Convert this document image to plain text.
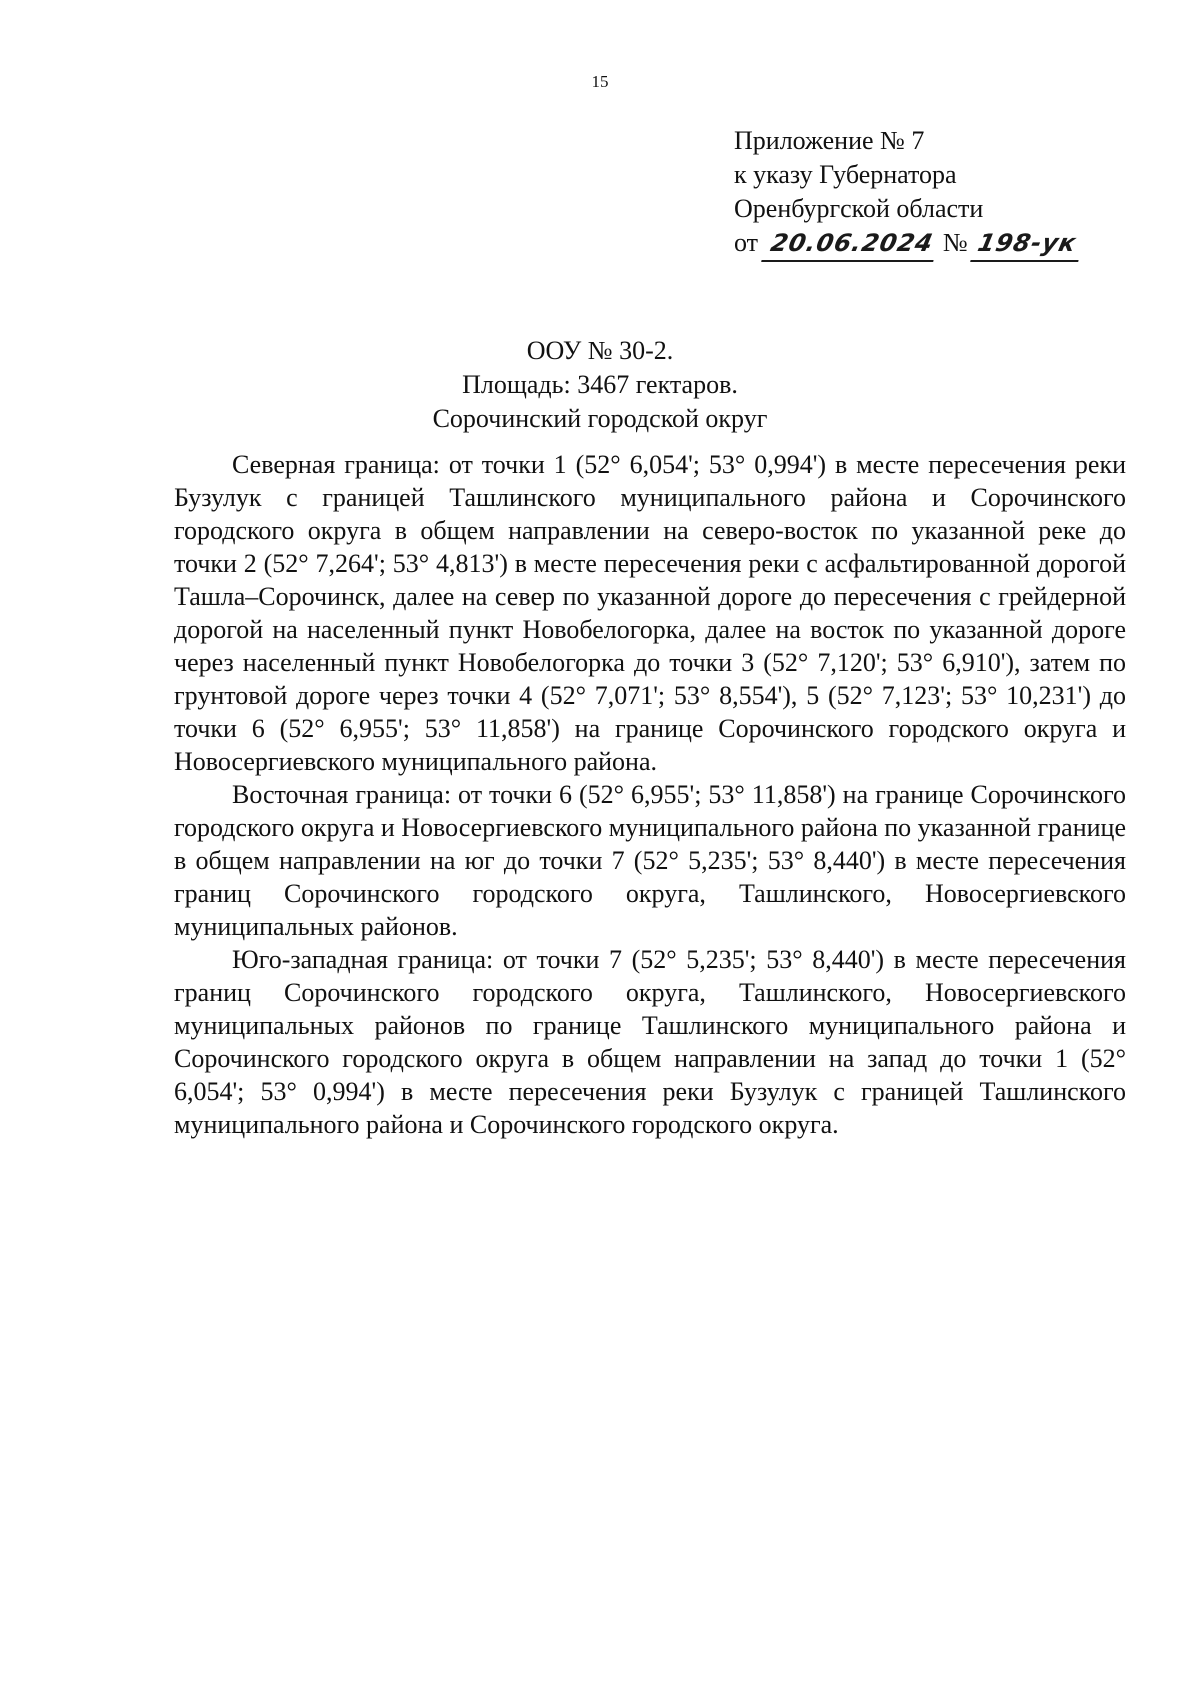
15
Приложение № 7
к указу Губернатора
Оренбургской области
от 20.06.2024 № 198-ук
ООУ № 30-2.
Площадь: 3467 гектаров.
Сорочинский городской округ

Северная граница: от точки 1 (52° 6,054'; 53° 0,994') в месте пересечения реки Бузулук с границей Ташлинского муниципального района и Сорочинского городского округа в общем направлении на северо-восток по указанной реке до точки 2 (52° 7,264'; 53° 4,813') в месте пересечения реки с асфальтированной дорогой Ташла–Сорочинск, далее на север по указанной дороге до пересечения с грейдерной дорогой на населенный пункт Новобелогорка, далее на восток по указанной дороге через населенный пункт Новобелогорка до точки 3 (52° 7,120'; 53° 6,910'), затем по грунтовой дороге через точки 4 (52° 7,071'; 53° 8,554'), 5 (52° 7,123'; 53° 10,231') до точки 6 (52° 6,955'; 53° 11,858') на границе Сорочинского городского округа и Новосергиевского муниципального района.

Восточная граница: от точки 6 (52° 6,955'; 53° 11,858') на границе Сорочинского городского округа и Новосергиевского муниципального района по указанной границе в общем направлении на юг до точки 7 (52° 5,235'; 53° 8,440') в месте пересечения границ Сорочинского городского округа, Ташлинского, Новосергиевского муниципальных районов.

Юго-западная граница: от точки 7 (52° 5,235'; 53° 8,440') в месте пересечения границ Сорочинского городского округа, Ташлинского, Новосергиевского муниципальных районов по границе Ташлинского муниципального района и Сорочинского городского округа в общем направлении на запад до точки 1 (52° 6,054'; 53° 0,994') в месте пересечения реки Бузулук с границей Ташлинского муниципального района и Сорочинского городского округа.
